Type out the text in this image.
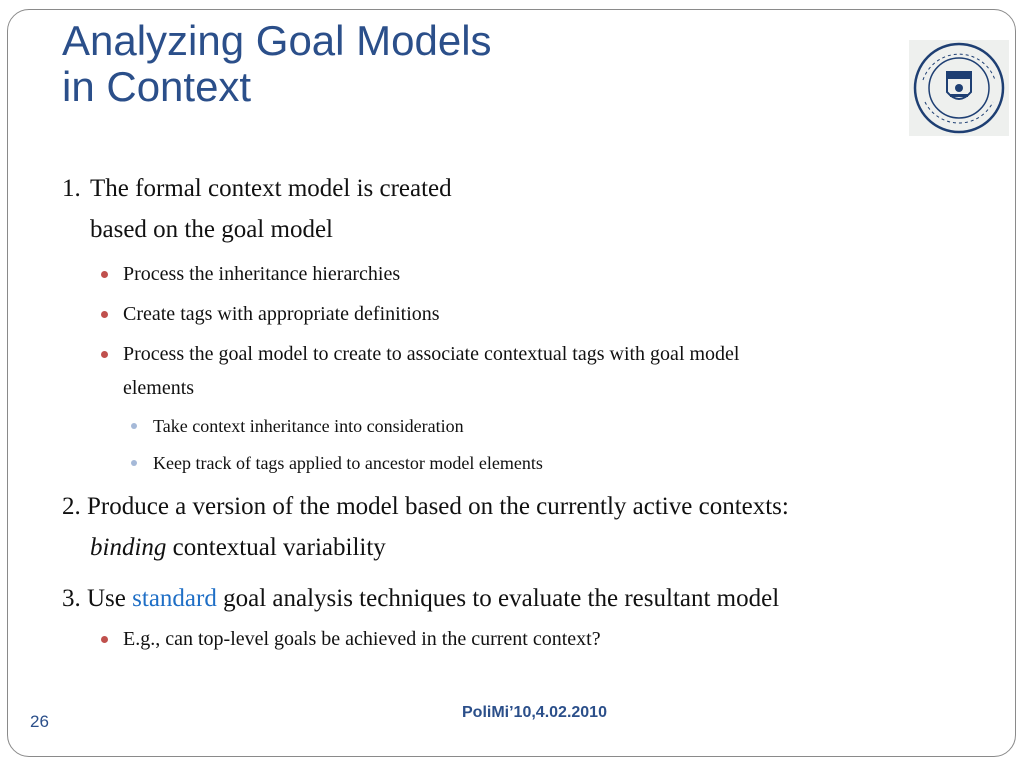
Analyzing Goal Models
in Context
1. The formal context model is created
based on the goal model
Process the inheritance hierarchies
Create tags with appropriate definitions
Process the goal model to create to associate contextual tags with goal model
elements
Take context inheritance into consideration
Keep track of tags applied to ancestor model elements
2. Produce a version of the model based on the currently active contexts:
binding contextual variability
3. Use standard goal analysis techniques to evaluate the resultant model
E.g., can top-level goals be achieved in the current context?
PoliMi’10,4.02.2010
26
